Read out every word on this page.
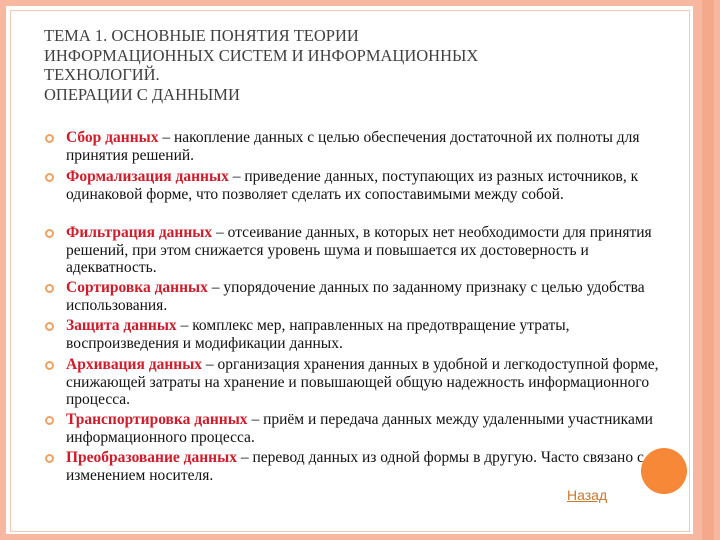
ТЕМА 1. ОСНОВНЫЕ ПОНЯТИЯ ТЕОРИИ
ИНФОРМАЦИОННЫХ СИСТЕМ И ИНФОРМАЦИОННЫХ
ТЕХНОЛОГИЙ.
ОПЕРАЦИИ С ДАННЫМИ
Сбор данных – накопление данных с целью обеспечения достаточной их полноты для принятия решений.
Формализация данных – приведение данных, поступающих из разных источников, к одинаковой форме, что позволяет сделать их сопоставимыми между собой.
Фильтрация данных – отсеивание данных, в которых нет необходимости для принятия решений, при этом снижается уровень шума и повышается их достоверность и адекватность.
Сортировка данных – упорядочение данных по заданному признаку с целью удобства использования.
Защита данных – комплекс мер, направленных на предотвращение утраты, воспроизведения и модификации данных.
Архивация данных – организация хранения данных в удобной и легкодоступной форме, снижающей затраты на хранение и повышающей общую надежность информационного процесса.
Транспортировка данных – приём и передача данных между удаленными участниками информационного процесса.
Преобразование данных – перевод данных из одной формы в другую. Часто связано с изменением носителя.
Назад
